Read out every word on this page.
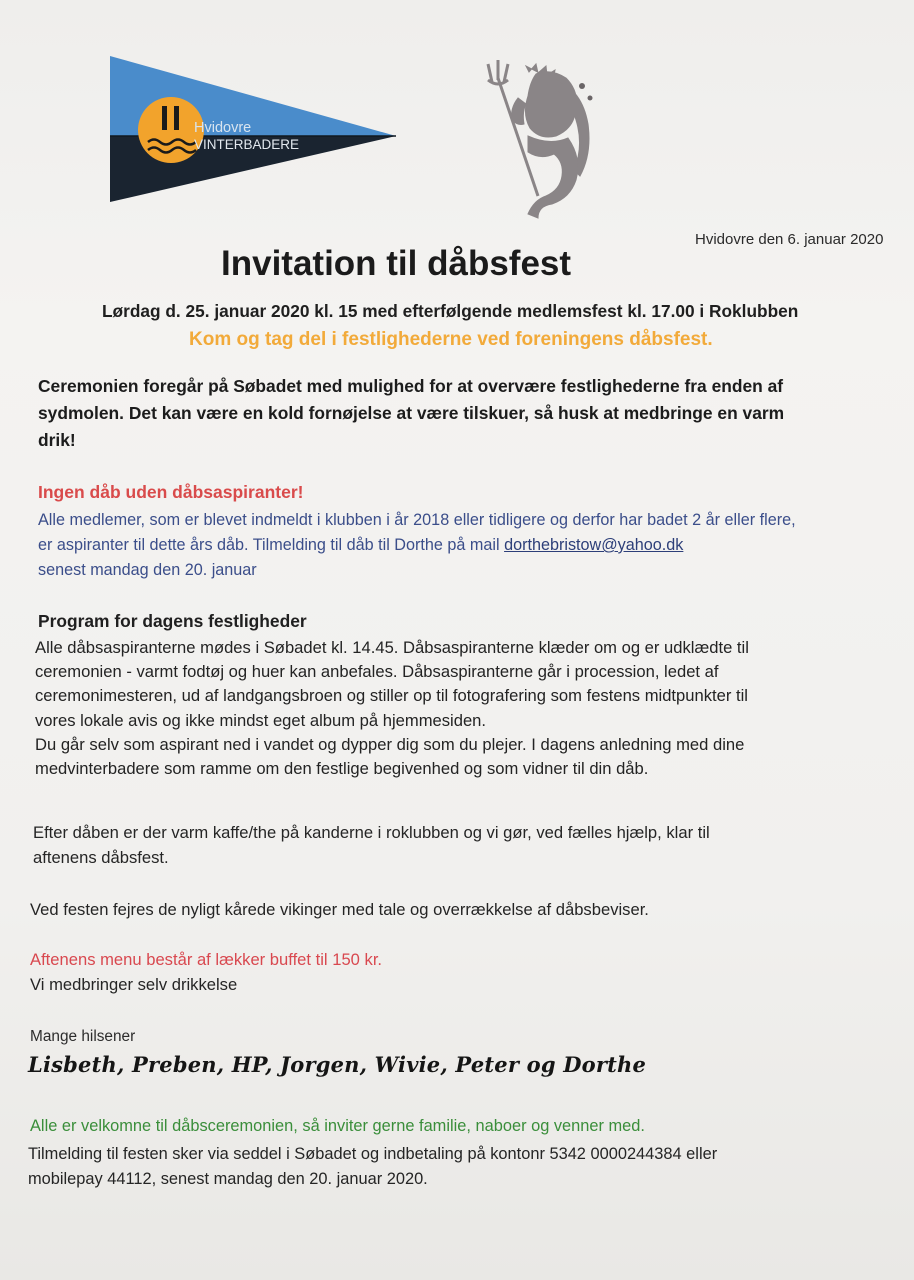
Hvidovre
VINTERBADERE

Hvidovre den 6. januar 2020

Invitation til dåbsfest

Lørdag d. 25. januar 2020 kl. 15 med efterfølgende medlemsfest kl. 17.00 i Roklubben

Kom og tag del i festlighederne ved foreningens dåbsfest.

Ceremonien foregår på Søbadet med mulighed for at overvære festlighederne fra enden af
sydmolen. Det kan være en kold fornøjelse at være tilskuer, så husk at medbringe en varm
drik!

Ingen dåb uden dåbsaspiranter!

Alle medlemer, som er blevet indmeldt i klubben i år 2018 eller tidligere og derfor har badet 2 år eller flere,
er aspiranter til dette års dåb. Tilmelding til dåb til Dorthe på mail dorthebristow@yahoo.dk
senest mandag den 20. januar

Program for dagens festligheder

Alle dåbsaspiranterne mødes i Søbadet kl. 14.45. Dåbsaspiranterne klæder om og er udklædte til
ceremonien - varmt fodtøj og huer kan anbefales. Dåbsaspiranterne går i procession, ledet af
ceremonimesteren, ud af landgangsbroen og stiller op til fotografering som festens midtpunkter til
vores lokale avis og ikke mindst eget album på hjemmesiden.
Du går selv som aspirant ned i vandet og dypper dig som du plejer. I dagens anledning med dine
medvinterbadere som ramme om den festlige begivenhed og som vidner til din dåb.
Efter dåben er der varm kaffe/the på kanderne i roklubben og vi gør, ved fælles hjælp, klar til
aftenens dåbsfest.

Ved festen fejres de nyligt kårede vikinger med tale og overrækkelse af dåbsbeviser.

Aftenens menu består af lækker buffet til 150 kr.

Vi medbringer selv drikkelse

Mange hilsener

Lisbeth, Preben, HP, Jorgen, Wivie, Peter og Dorthe

Alle er velkomne til dåbsceremonien, så inviter gerne familie, naboer og venner med.

Tilmelding til festen sker via seddel i Søbadet og indbetaling på kontonr 5342 0000244384 eller
mobilepay 44112, senest mandag den 20. januar 2020.
